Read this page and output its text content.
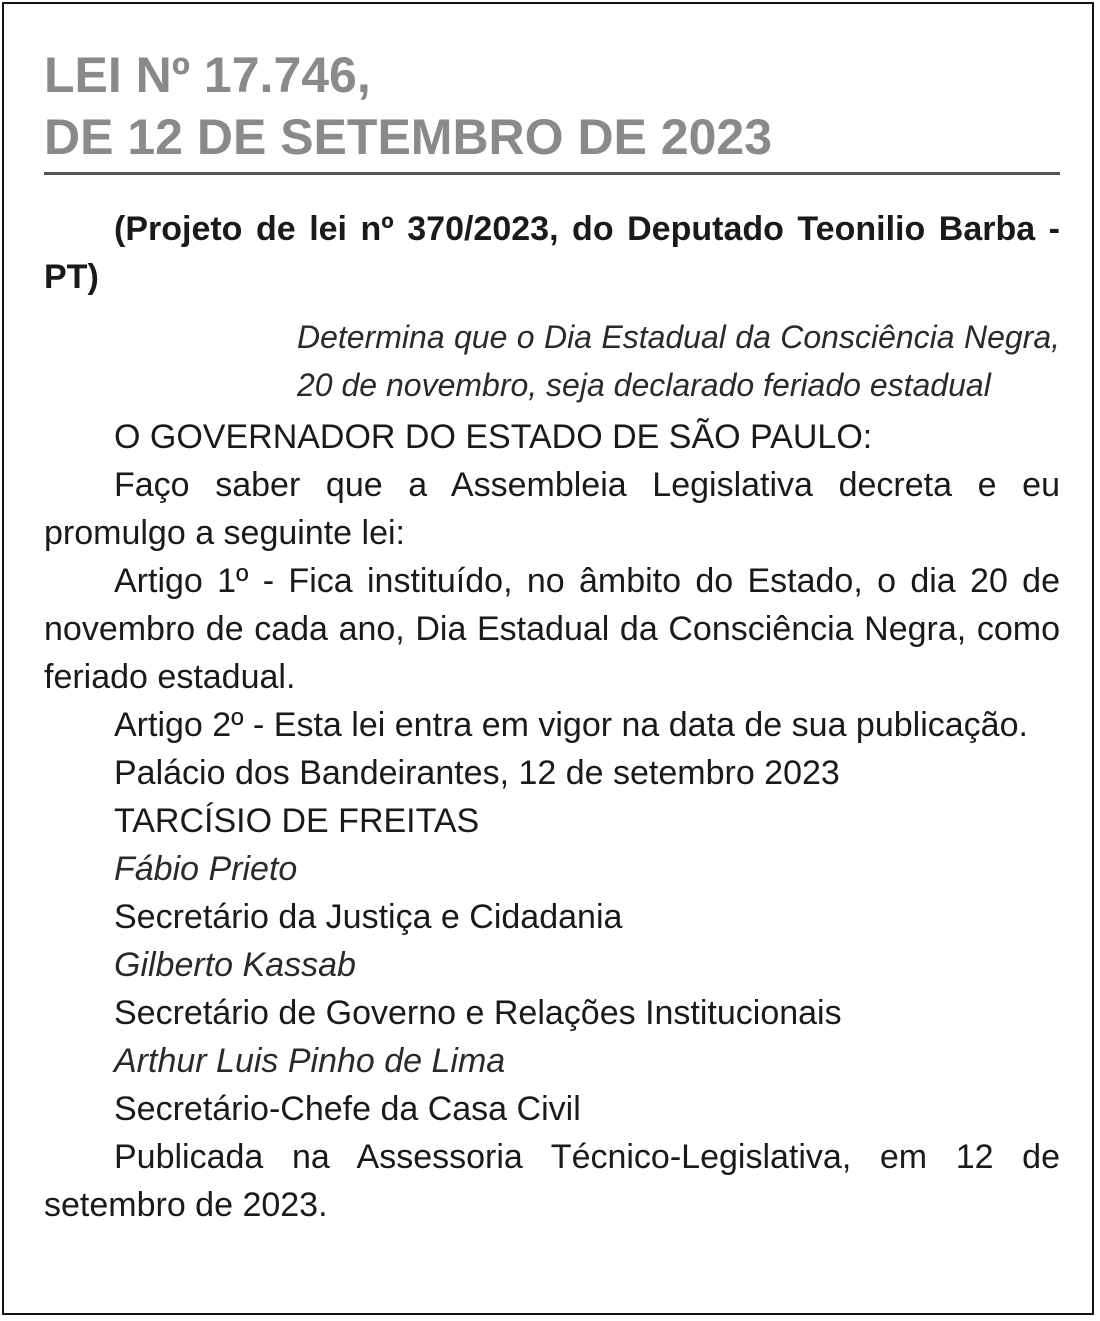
LEI Nº 17.746,
DE 12 DE SETEMBRO DE 2023

(Projeto de lei nº 370/2023, do Deputado Teonilio Barba - PT)

Determina que o Dia Estadual da Consciência Negra, 20 de novembro, seja declarado feriado estadual

O GOVERNADOR DO ESTADO DE SÃO PAULO:

Faço saber que a Assembleia Legislativa decreta e eu promulgo a seguinte lei:

Artigo 1º - Fica instituído, no âmbito do Estado, o dia 20 de novembro de cada ano, Dia Estadual da Consciência Negra, como feriado estadual.

Artigo 2º - Esta lei entra em vigor na data de sua publicação.

Palácio dos Bandeirantes, 12 de setembro 2023

TARCÍSIO DE FREITAS

Fábio Prieto

Secretário da Justiça e Cidadania

Gilberto Kassab

Secretário de Governo e Relações Institucionais

Arthur Luis Pinho de Lima

Secretário-Chefe da Casa Civil

Publicada na Assessoria Técnico-Legislativa, em 12 de setembro de 2023.
